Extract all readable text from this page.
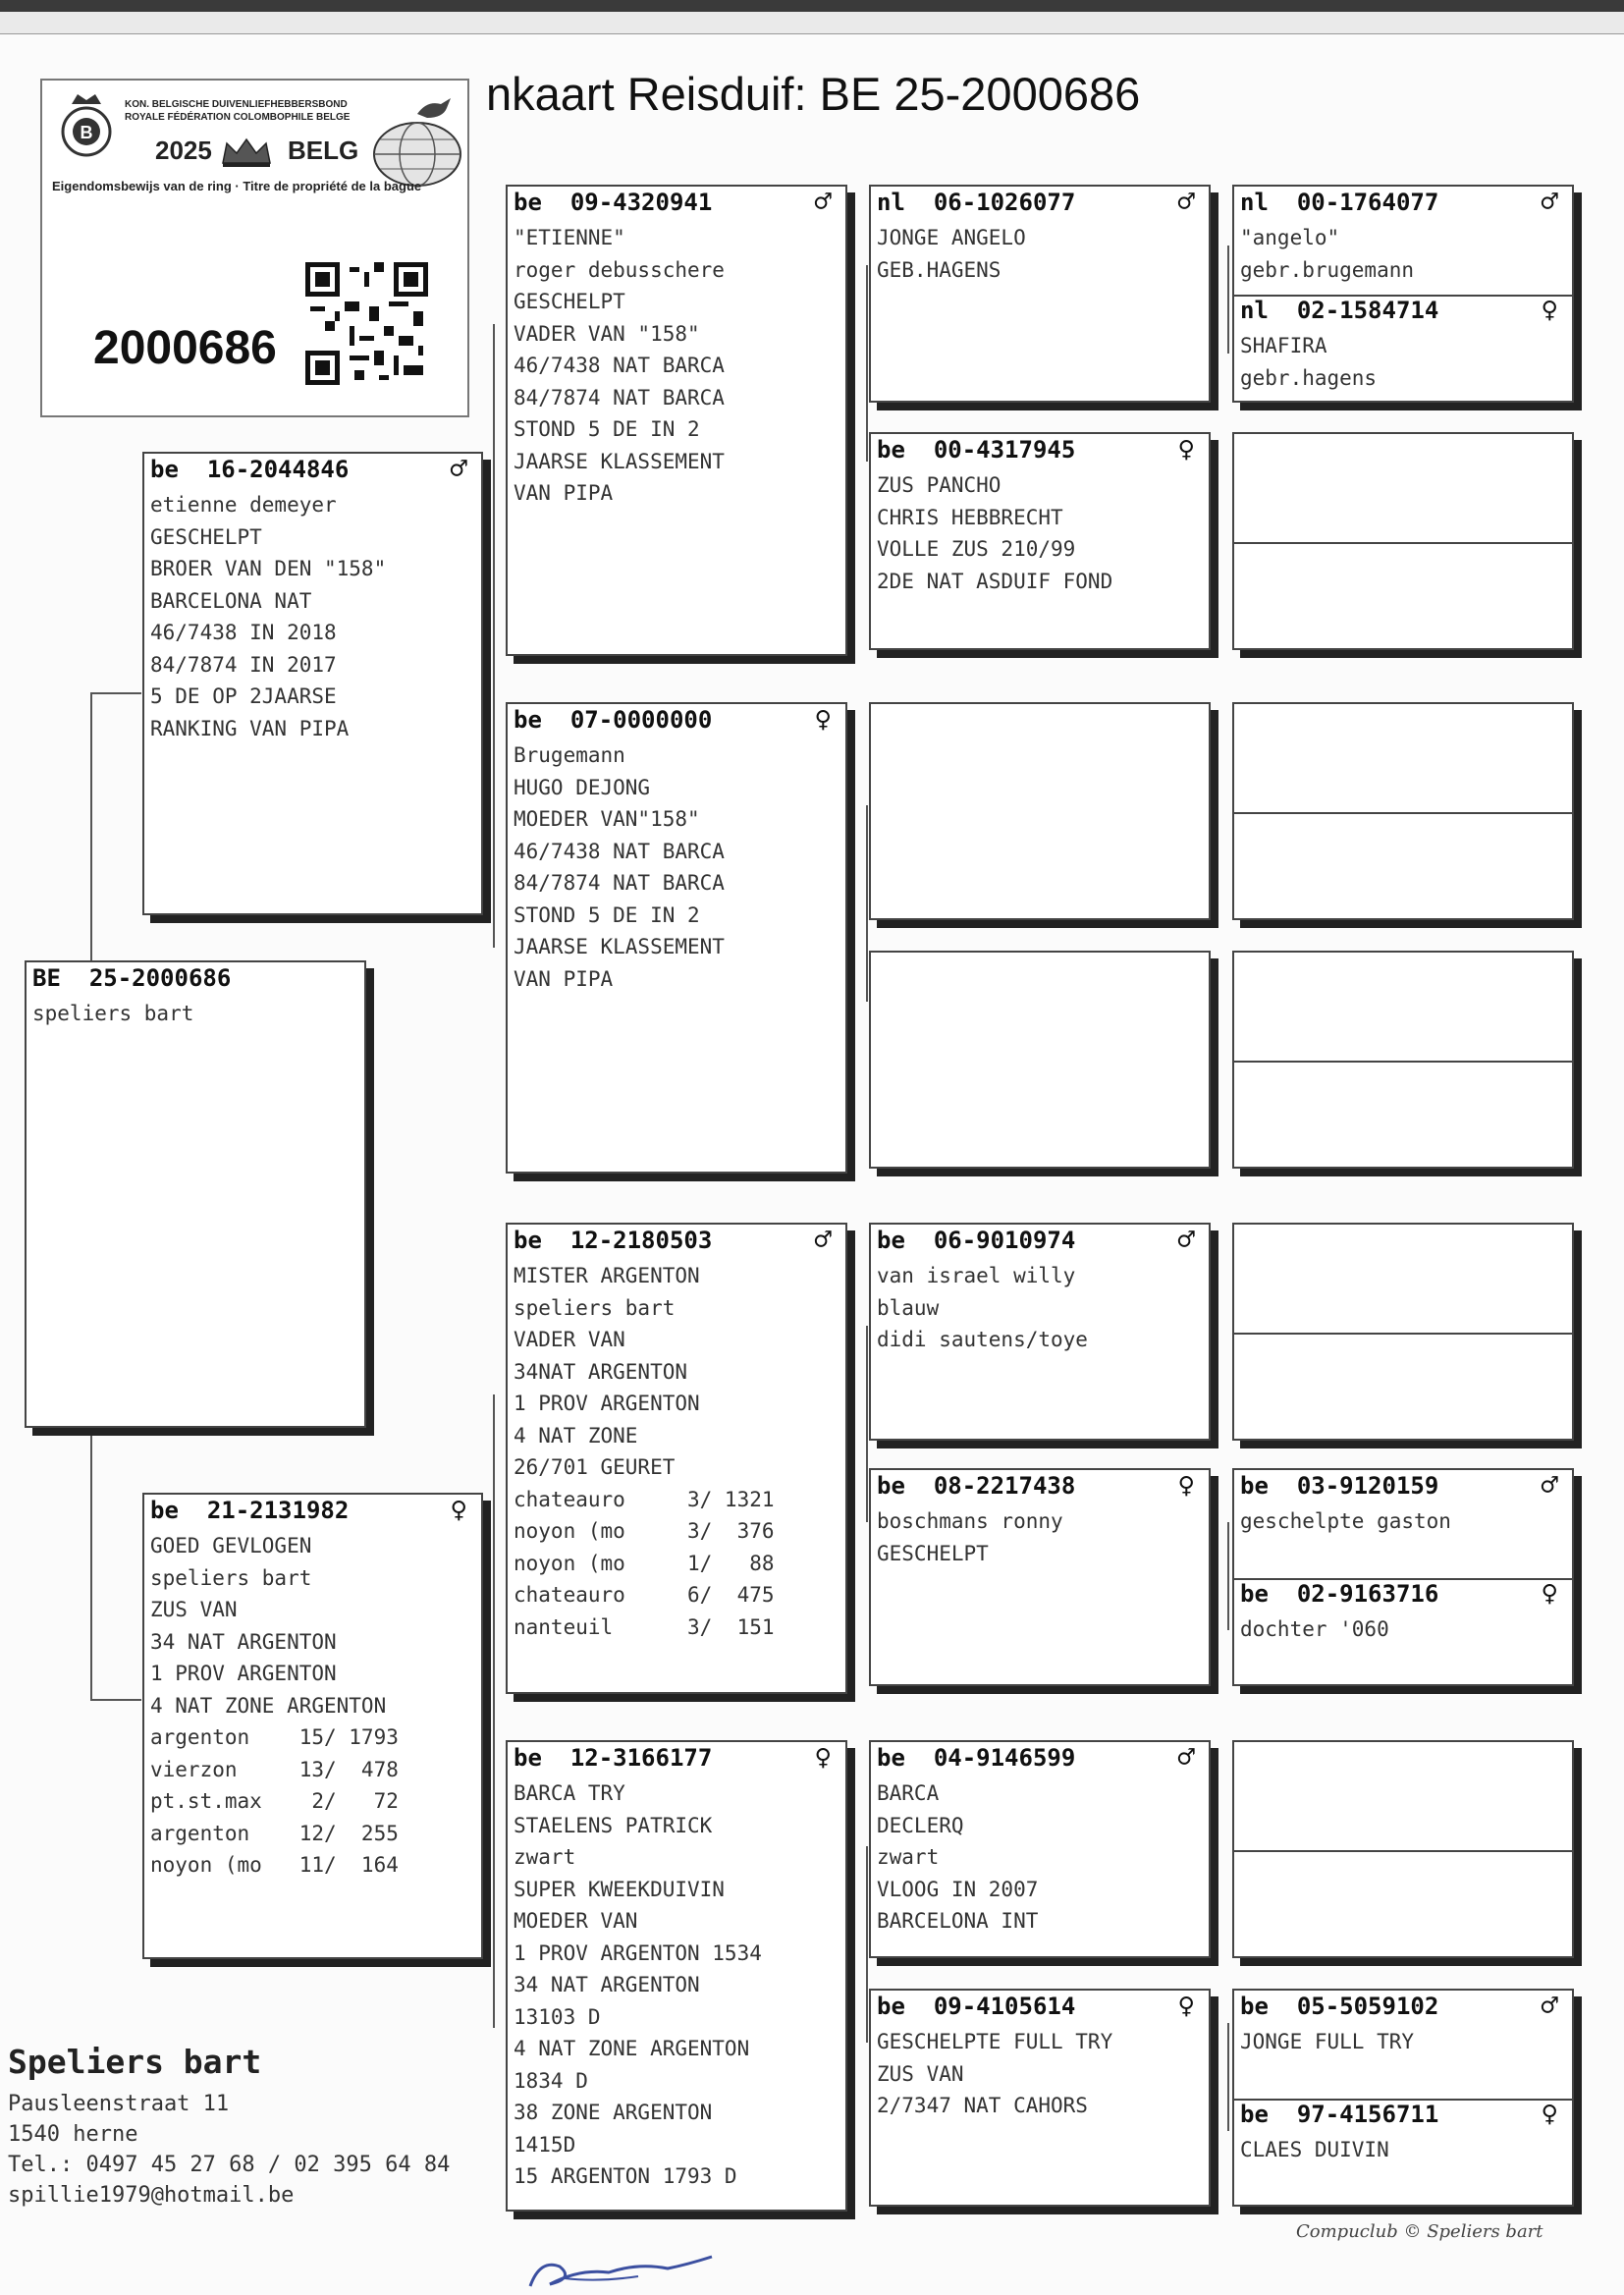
nkaart Reisduif: BE 25-2000686
B
KON. BELGISCHE DUIVENLIEFHEBBERSBOND
ROYALE FÉDÉRATION COLOMBOPHILE BELGE
2025	BELG
Eigendomsbewijs van de ring · Titre de propriété de la bague
2000686
BE 25-2000686
speliers bart
be 16-2044846	♂
etienne demeyer
GESCHELPT
BROER VAN DEN "158"
BARCELONA NAT
46/7438 IN 2018
84/7874 IN 2017
5 DE OP 2JAARSE
RANKING VAN PIPA
be 21-2131982	♀
GOED GEVLOGEN
speliers bart
ZUS VAN
34 NAT ARGENTON
1 PROV ARGENTON
4 NAT ZONE ARGENTON
argenton    15/ 1793
vierzon     13/  478
pt.st.max    2/   72
argenton    12/  255
noyon (mo   11/  164
be 09-4320941	♂
"ETIENNE"
roger debusschere
GESCHELPT
VADER VAN "158"
46/7438 NAT BARCA
84/7874 NAT BARCA
STOND 5 DE IN 2
JAARSE KLASSEMENT
VAN PIPA
be 07-0000000	♀
Brugemann
HUGO DEJONG
MOEDER VAN"158"
46/7438 NAT BARCA
84/7874 NAT BARCA
STOND 5 DE IN 2
JAARSE KLASSEMENT
VAN PIPA
be 12-2180503	♂
MISTER ARGENTON
speliers bart
VADER VAN
34NAT ARGENTON
1 PROV ARGENTON
4 NAT ZONE
26/701 GEURET
chateauro     3/ 1321
noyon (mo     3/  376
noyon (mo     1/   88
chateauro     6/  475
nanteuil      3/  151
be 12-3166177	♀
BARCA TRY
STAELENS PATRICK
zwart
SUPER KWEEKDUIVIN
MOEDER VAN
1 PROV ARGENTON 1534
34 NAT ARGENTON
13103 D
4 NAT ZONE ARGENTON
1834 D
38 ZONE ARGENTON
1415D
15 ARGENTON 1793 D
nl 06-1026077	♂
JONGE ANGELO
GEB.HAGENS
be 00-4317945	♀
ZUS PANCHO
CHRIS HEBBRECHT
VOLLE ZUS 210/99
2DE NAT ASDUIF FOND
be 06-9010974	♂
van israel willy
blauw
didi sautens/toye
be 08-2217438	♀
boschmans ronny
GESCHELPT
be 04-9146599	♂
BARCA
DECLERQ
zwart
VLOOG IN 2007
BARCELONA INT
be 09-4105614	♀
GESCHELPTE FULL TRY
ZUS VAN
2/7347 NAT CAHORS
nl 00-1764077	♂
"angelo"
gebr.brugemann
nl 02-1584714	♀
SHAFIRA
gebr.hagens
be 03-9120159	♂
geschelpte gaston
be 02-9163716	♀
dochter '060
be 05-5059102	♂
JONGE FULL TRY
be 97-4156711	♀
CLAES DUIVIN
Speliers bart
Pausleenstraat 11
1540 herne
Tel.: 0497 45 27 68 / 02 395 64 84
spillie1979@hotmail.be
Compuclub © Speliers bart
